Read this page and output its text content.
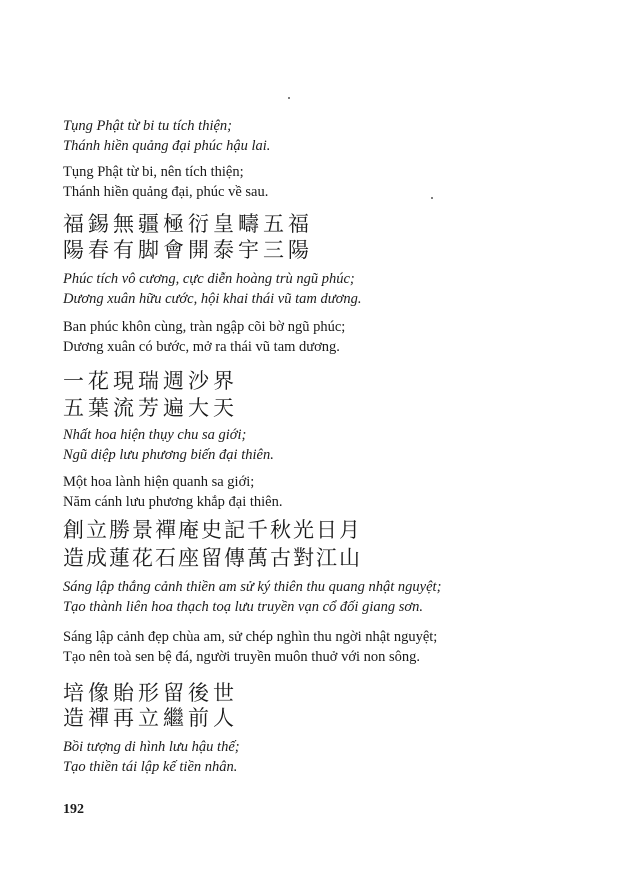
Tụng Phật từ bi tu tích thiện;
Thánh hiền quảng đại phúc hậu lai.
Tụng Phật từ bi, nên tích thiện;
Thánh hiền quảng đại, phúc về sau.
福錫無疆極衍皇疇五福
陽春有脚會開泰宇三陽
Phúc tích vô cương, cực diễn hoàng trù ngũ phúc;
Dương xuân hữu cước, hội khai thái vũ tam dương.
Ban phúc khôn cùng, tràn ngập cõi bờ ngũ phúc;
Dương xuân có bước, mở ra thái vũ tam dương.
一花現瑞週沙界
五葉流芳遍大天
Nhất hoa hiện thụy chu sa giới;
Ngũ diệp lưu phương biến đại thiên.
Một hoa lành hiện quanh sa giới;
Năm cánh lưu phương khắp đại thiên.
創立勝景禪庵史記千秋光日月
造成蓮花石座留傳萬古對江山
Sáng lập thắng cảnh thiền am sử ký thiên thu quang nhật nguyệt;
Tạo thành liên hoa thạch toạ lưu truyền vạn cổ đối giang sơn.
Sáng lập cảnh đẹp chùa am, sử chép nghìn thu ngời nhật nguyệt;
Tạo nên toà sen bệ đá, người truyền muôn thuở với non sông.
培像貽形留後世
造禪再立繼前人
Bồi tượng di hình lưu hậu thế;
Tạo thiền tái lập kế tiền nhân.
192
